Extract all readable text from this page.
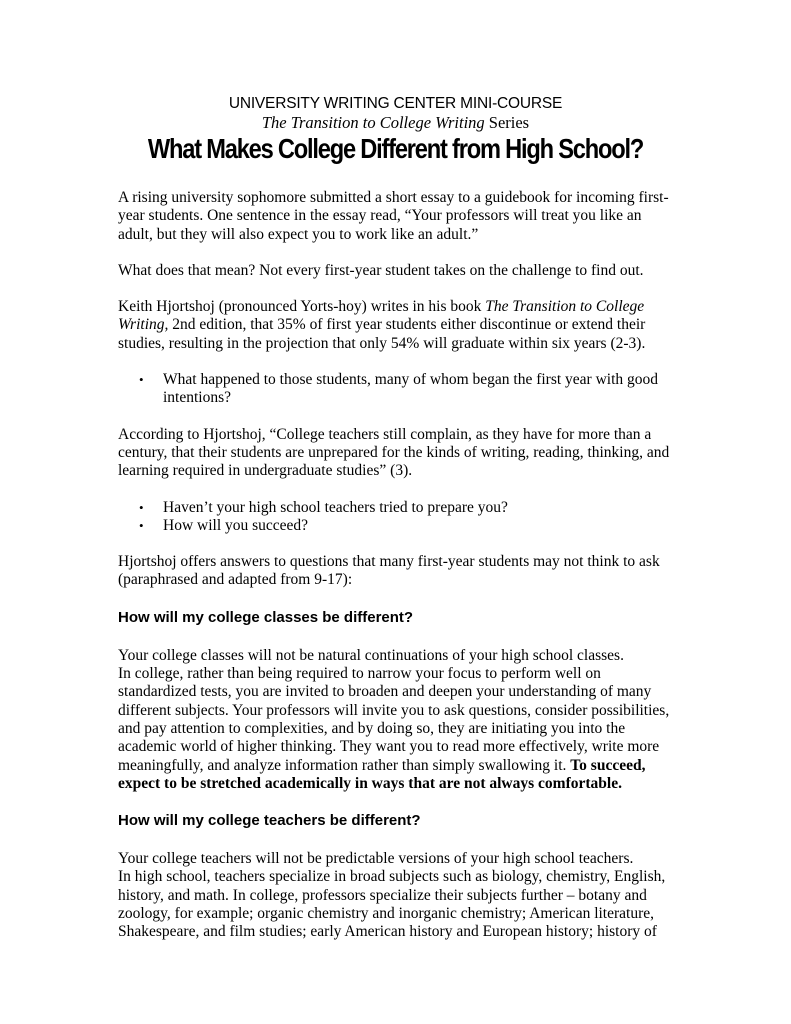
UNIVERSITY WRITING CENTER MINI-COURSE

The Transition to College Writing Series

What Makes College Different from High School?

A rising university sophomore submitted a short essay to a guidebook for incoming first-year students. One sentence in the essay read, “Your professors will treat you like an adult, but they will also expect you to work like an adult.”

What does that mean? Not every first-year student takes on the challenge to find out.

Keith Hjortshoj (pronounced Yorts-hoy) writes in his book The Transition to College Writing, 2nd edition, that 35% of first year students either discontinue or extend their studies, resulting in the projection that only 54% will graduate within six years (2-3).

• What happened to those students, many of whom began the first year with good intentions?

According to Hjortshoj, “College teachers still complain, as they have for more than a century, that their students are unprepared for the kinds of writing, reading, thinking, and learning required in undergraduate studies” (3).

• Haven’t your high school teachers tried to prepare you?
• How will you succeed?

Hjortshoj offers answers to questions that many first-year students may not think to ask (paraphrased and adapted from 9-17):

How will my college classes be different?

Your college classes will not be natural continuations of your high school classes.
In college, rather than being required to narrow your focus to perform well on standardized tests, you are invited to broaden and deepen your understanding of many different subjects. Your professors will invite you to ask questions, consider possibilities, and pay attention to complexities, and by doing so, they are initiating you into the academic world of higher thinking. They want you to read more effectively, write more meaningfully, and analyze information rather than simply swallowing it. To succeed, expect to be stretched academically in ways that are not always comfortable.

How will my college teachers be different?

Your college teachers will not be predictable versions of your high school teachers.
In high school, teachers specialize in broad subjects such as biology, chemistry, English, history, and math. In college, professors specialize their subjects further – botany and zoology, for example; organic chemistry and inorganic chemistry; American literature, Shakespeare, and film studies; early American history and European history; history of
